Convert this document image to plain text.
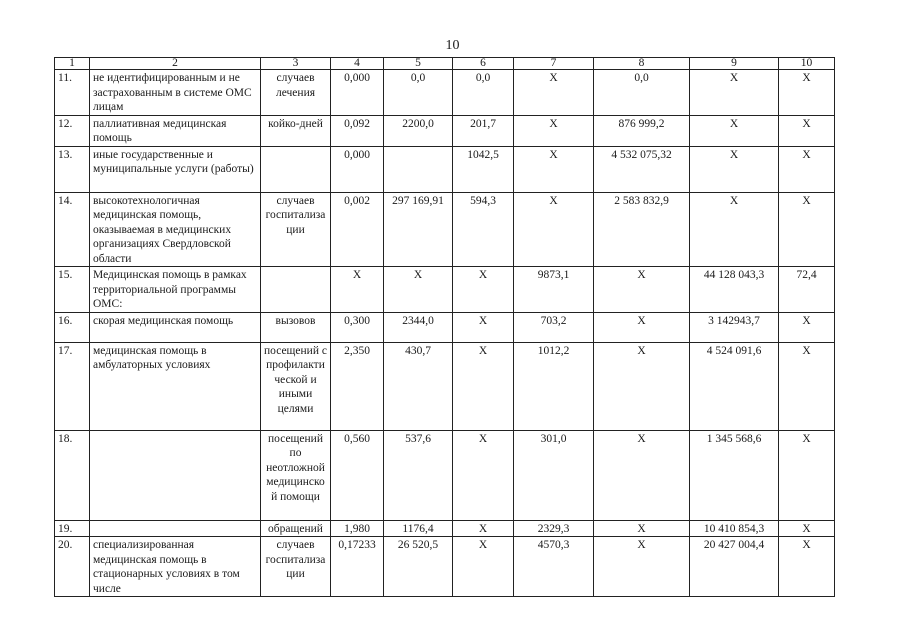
10
1	2	3	4	5	6	7	8	9	10
11.	не идентифицированным и не застрахованным в системе ОМС лицам	случаев лечения	0,000	0,0	0,0	X	0,0	X	X
12.	паллиативная медицинская помощь	койко-дней	0,092	2200,0	201,7	X	876 999,2	X	X
13.	иные государственные и муниципальные услуги (работы)		0,000		1042,5	X	4 532 075,32	X	X
14.	высокотехнологичная медицинская помощь, оказываемая в медицинских организациях Свердловской области	случаев госпитализации	0,002	297 169,91	594,3	X	2 583 832,9	X	X
15.	Медицинская помощь в рамках территориальной программы ОМС:		X	X	X	9873,1	X	44 128 043,3	72,4
16.	скорая медицинская помощь	вызовов	0,300	2344,0	X	703,2	X	3 142943,7	X
17.	медицинская помощь в амбулаторных условиях	посещений с профилактической и иными целями	2,350	430,7	X	1012,2	X	4 524 091,6	X
18.		посещений по неотложной медицинской помощи	0,560	537,6	X	301,0	X	1 345 568,6	X
19.		обращений	1,980	1176,4	X	2329,3	X	10 410 854,3	X
20.	специализированная медицинская помощь в стационарных условиях в том числе	случаев госпитализации	0,17233	26 520,5	X	4570,3	X	20 427 004,4	X
